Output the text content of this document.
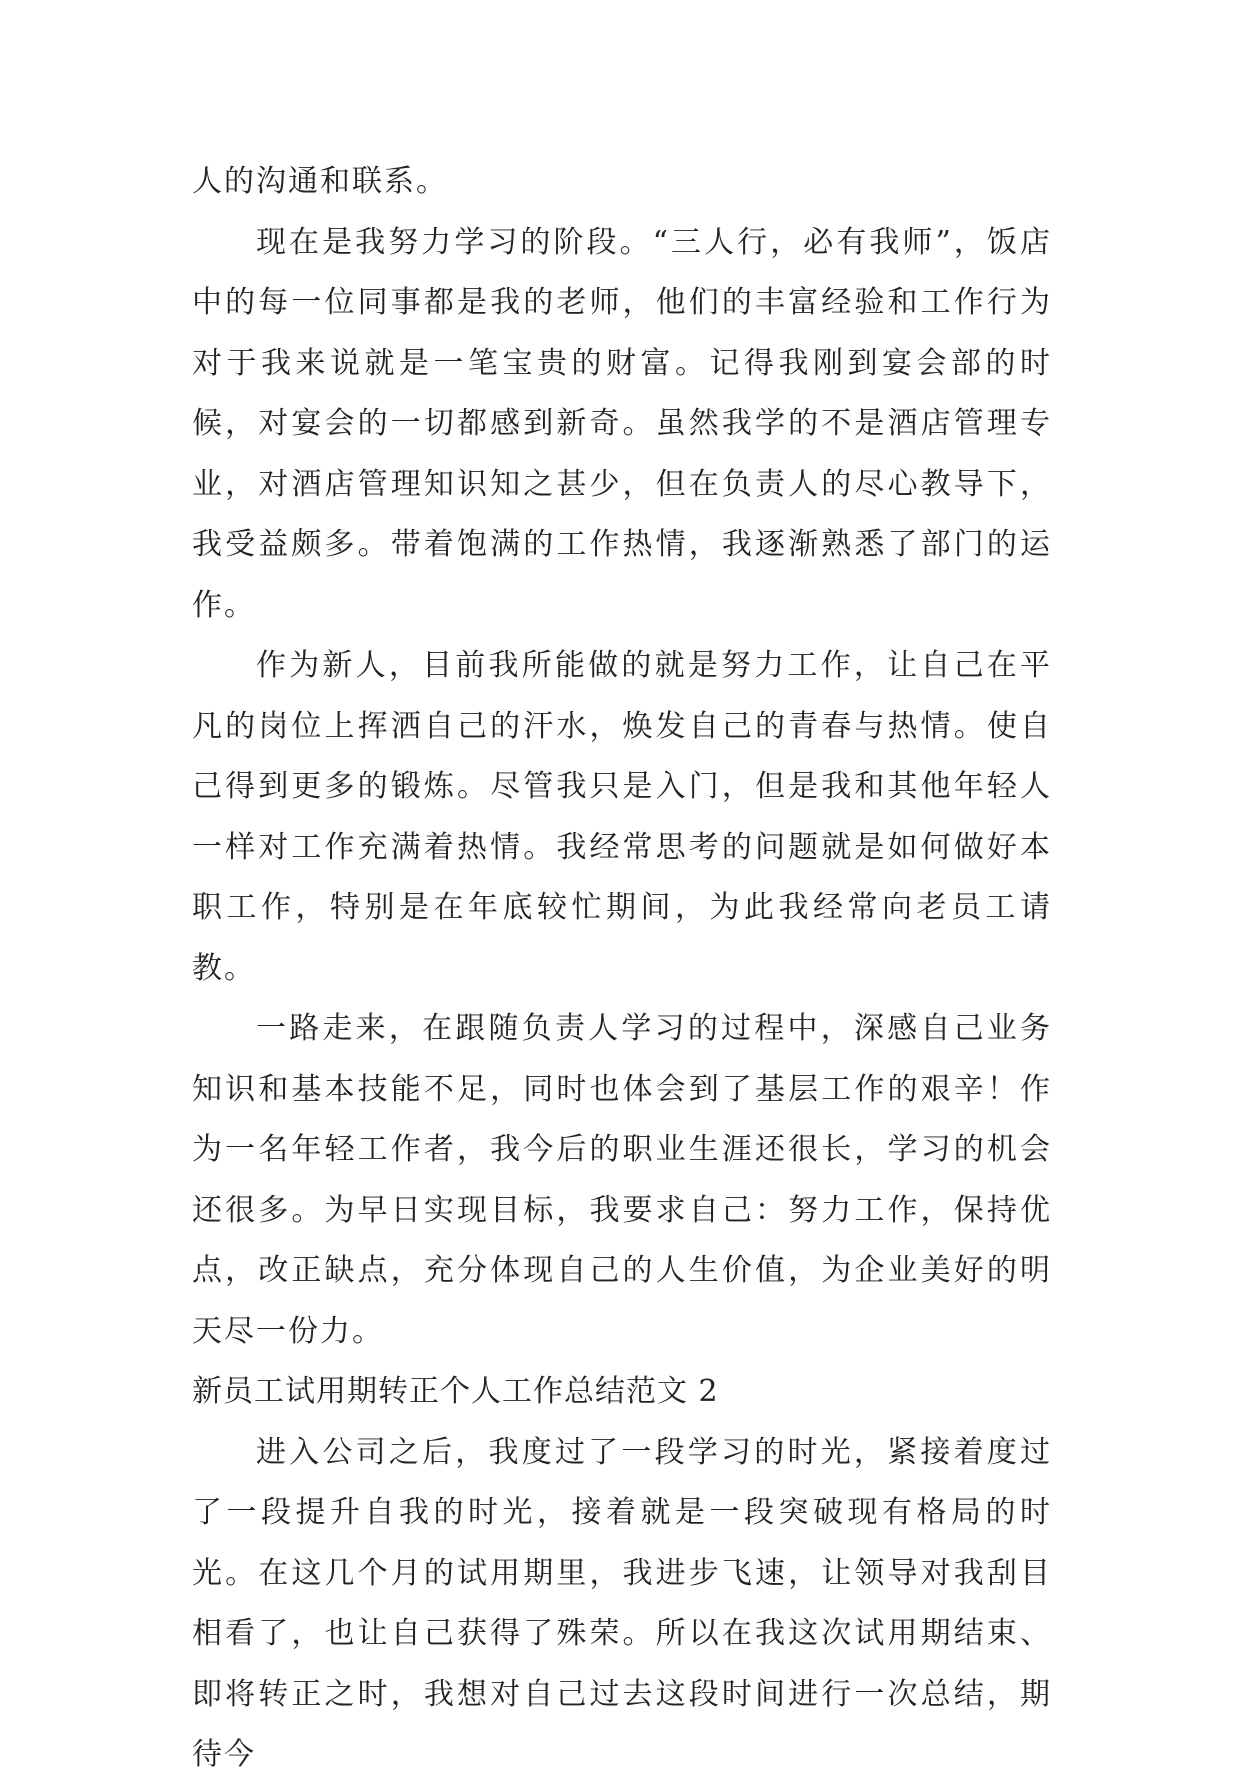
人的沟通和联系。

现在是我努力学习的阶段。“三人行，必有我师”，饭店中的每一位同事都是我的老师，他们的丰富经验和工作行为对于我来说就是一笔宝贵的财富。记得我刚到宴会部的时候，对宴会的一切都感到新奇。虽然我学的不是酒店管理专业，对酒店管理知识知之甚少，但在负责人的尽心教导下，我受益颇多。带着饱满的工作热情，我逐渐熟悉了部门的运作。

作为新人，目前我所能做的就是努力工作，让自己在平凡的岗位上挥洒自己的汗水，焕发自己的青春与热情。使自己得到更多的锻炼。尽管我只是入门，但是我和其他年轻人一样对工作充满着热情。我经常思考的问题就是如何做好本职工作，特别是在年底较忙期间，为此我经常向老员工请教。

一路走来，在跟随负责人学习的过程中，深感自己业务知识和基本技能不足，同时也体会到了基层工作的艰辛！作为一名年轻工作者，我今后的职业生涯还很长，学习的机会还很多。为早日实现目标，我要求自己：努力工作，保持优点，改正缺点，充分体现自己的人生价值，为企业美好的明天尽一份力。

新员工试用期转正个人工作总结范文 2

进入公司之后，我度过了一段学习的时光，紧接着度过了一段提升自我的时光，接着就是一段突破现有格局的时光。在这几个月的试用期里，我进步飞速，让领导对我刮目相看了，也让自己获得了殊荣。所以在我这次试用期结束、即将转正之时，我想对自己过去这段时间进行一次总结，期待今
